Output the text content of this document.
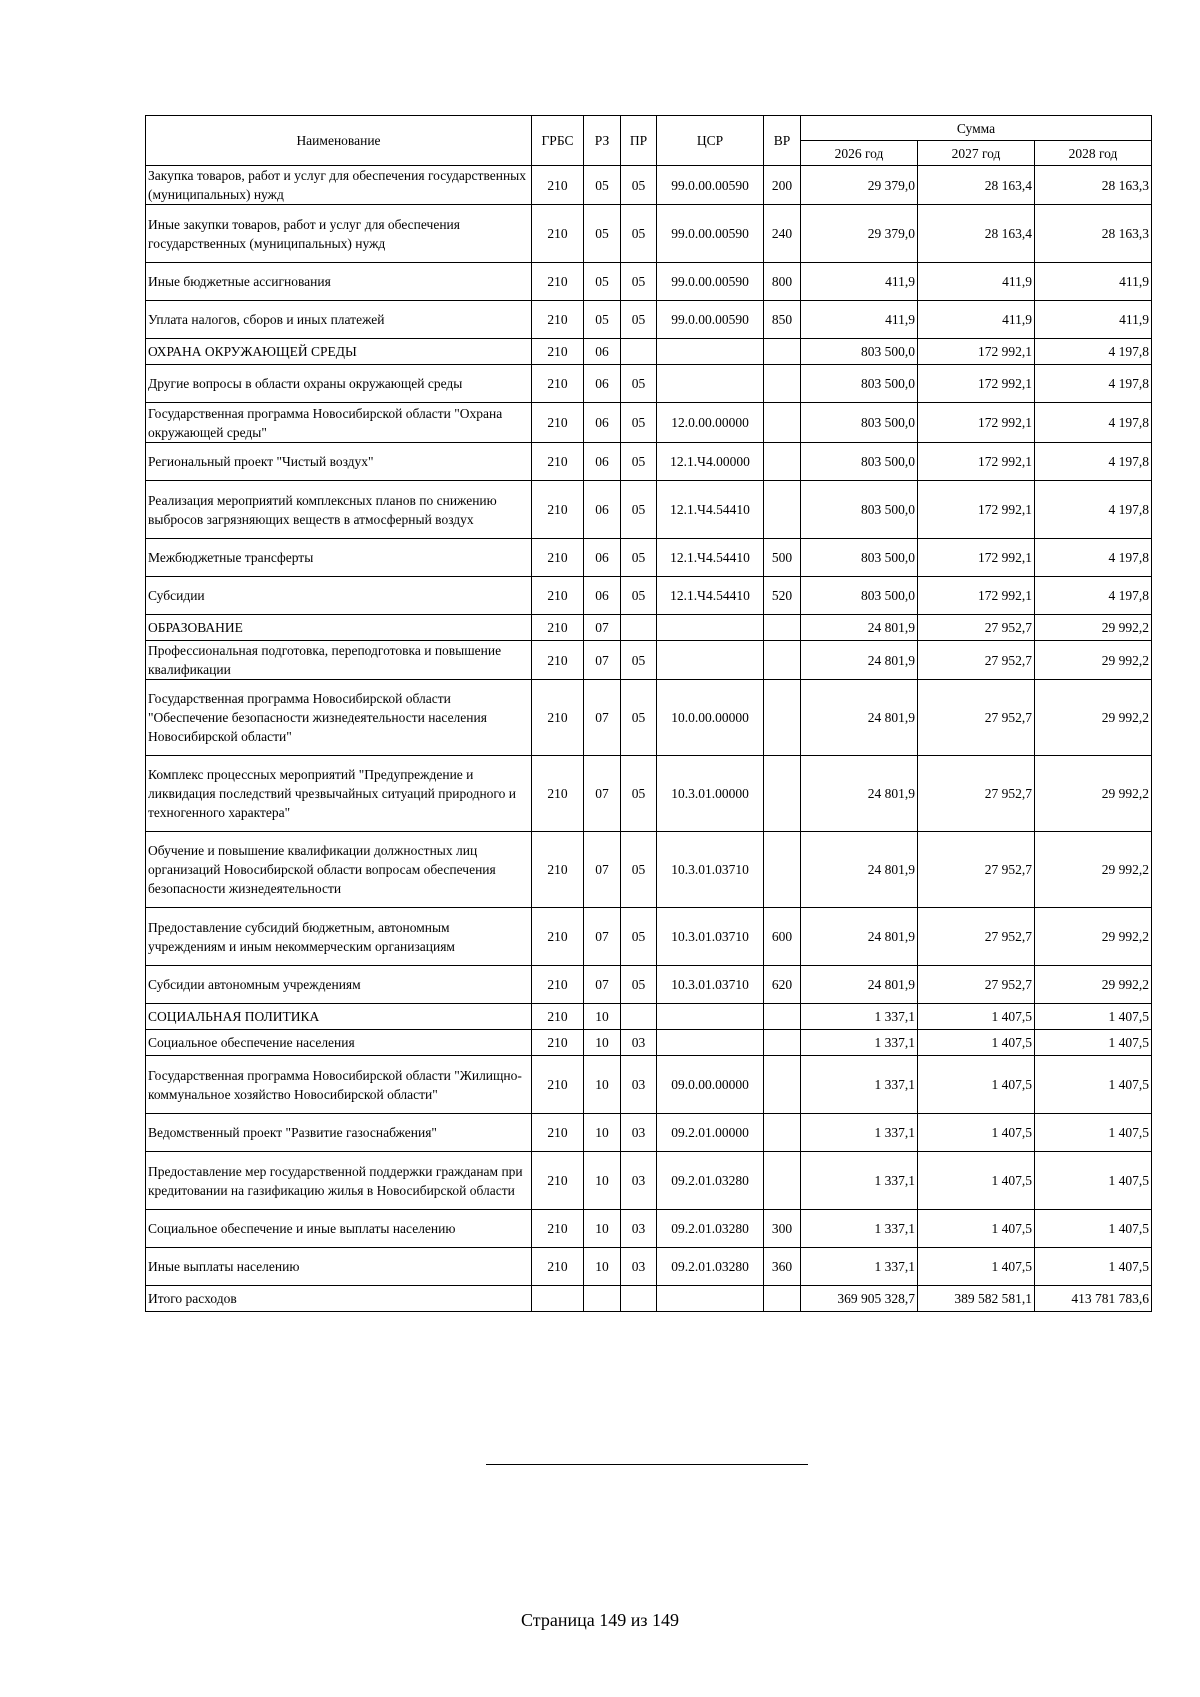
Наименование	ГРБС	РЗ	ПР	ЦСР	ВР	Сумма		
						2026 год	2027 год	2028 год
Закупка товаров, работ и услуг для обеспечения государственных (муниципальных) нужд	210	05	05	99.0.00.00590	200	29 379,0	28 163,4	28 163,3
Иные закупки товаров, работ и услуг для обеспечения государственных (муниципальных) нужд	210	05	05	99.0.00.00590	240	29 379,0	28 163,4	28 163,3
Иные бюджетные ассигнования	210	05	05	99.0.00.00590	800	411,9	411,9	411,9
Уплата налогов, сборов и иных платежей	210	05	05	99.0.00.00590	850	411,9	411,9	411,9
ОХРАНА ОКРУЖАЮЩЕЙ СРЕДЫ	210	06				803 500,0	172 992,1	4 197,8
Другие вопросы в области охраны окружающей среды	210	06	05			803 500,0	172 992,1	4 197,8
Государственная программа Новосибирской области "Охрана окружающей среды"	210	06	05	12.0.00.00000		803 500,0	172 992,1	4 197,8
Региональный проект "Чистый воздух"	210	06	05	12.1.Ч4.00000		803 500,0	172 992,1	4 197,8
Реализация мероприятий комплексных планов по снижению выбросов загрязняющих веществ в атмосферный воздух	210	06	05	12.1.Ч4.54410		803 500,0	172 992,1	4 197,8
Межбюджетные трансферты	210	06	05	12.1.Ч4.54410	500	803 500,0	172 992,1	4 197,8
Субсидии	210	06	05	12.1.Ч4.54410	520	803 500,0	172 992,1	4 197,8
ОБРАЗОВАНИЕ	210	07				24 801,9	27 952,7	29 992,2
Профессиональная подготовка, переподготовка и повышение квалификации	210	07	05			24 801,9	27 952,7	29 992,2
Государственная программа Новосибирской области "Обеспечение безопасности жизнедеятельности населения Новосибирской области"	210	07	05	10.0.00.00000		24 801,9	27 952,7	29 992,2
Комплекс процессных мероприятий "Предупреждение и ликвидация последствий чрезвычайных ситуаций природного и техногенного характера"	210	07	05	10.3.01.00000		24 801,9	27 952,7	29 992,2
Обучение и повышение квалификации должностных лиц организаций Новосибирской области вопросам обеспечения безопасности жизнедеятельности	210	07	05	10.3.01.03710		24 801,9	27 952,7	29 992,2
Предоставление субсидий бюджетным, автономным учреждениям и иным некоммерческим организациям	210	07	05	10.3.01.03710	600	24 801,9	27 952,7	29 992,2
Субсидии автономным учреждениям	210	07	05	10.3.01.03710	620	24 801,9	27 952,7	29 992,2
СОЦИАЛЬНАЯ ПОЛИТИКА	210	10				1 337,1	1 407,5	1 407,5
Социальное обеспечение населения	210	10	03			1 337,1	1 407,5	1 407,5
Государственная программа Новосибирской области "Жилищно-коммунальное хозяйство Новосибирской области"	210	10	03	09.0.00.00000		1 337,1	1 407,5	1 407,5
Ведомственный проект "Развитие газоснабжения"	210	10	03	09.2.01.00000		1 337,1	1 407,5	1 407,5
Предоставление мер государственной поддержки гражданам при кредитовании на газификацию жилья в Новосибирской области	210	10	03	09.2.01.03280		1 337,1	1 407,5	1 407,5
Социальное обеспечение и иные выплаты населению	210	10	03	09.2.01.03280	300	1 337,1	1 407,5	1 407,5
Иные выплаты населению	210	10	03	09.2.01.03280	360	1 337,1	1 407,5	1 407,5
Итого расходов						369 905 328,7	389 582 581,1	413 781 783,6
Страница 149 из 149
